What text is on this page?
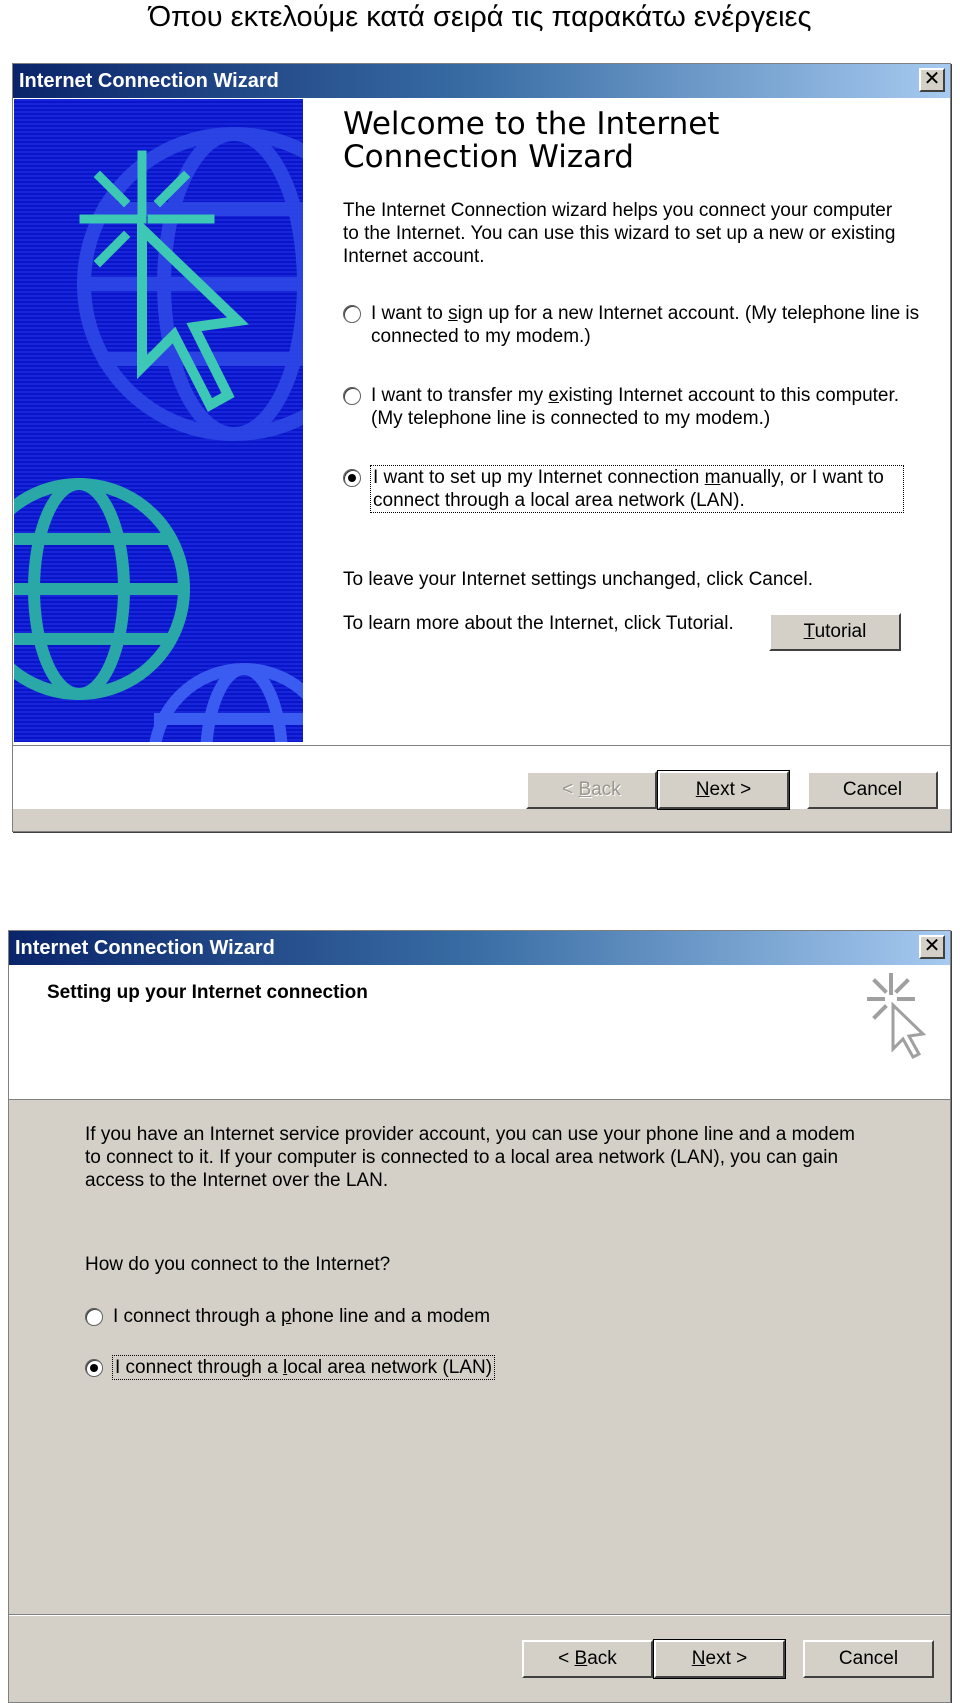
Όπου εκτελούμε κατά σειρά τις παρακάτω ενέργειες
Internet Connection Wizard	✕
Welcome to the Internet
Connection Wizard
The Internet Connection wizard helps you connect your computer to the Internet. You can use this wizard to set up a new or existing Internet account.
I want to sign up for a new Internet account. (My telephone line is connected to my modem.)
I want to transfer my existing Internet account to this computer. (My telephone line is connected to my modem.)
I want to set up my Internet connection manually, or I want to connect through a local area network (LAN).
To leave your Internet settings unchanged, click Cancel.
To learn more about the Internet, click Tutorial.	Tutorial
< Back	Next >	Cancel
Internet Connection Wizard	✕
Setting up your Internet connection
If you have an Internet service provider account, you can use your phone line and a modem to connect to it. If your computer is connected to a local area network (LAN), you can gain access to the Internet over the LAN.
How do you connect to the Internet?
I connect through a phone line and a modem
I connect through a local area network (LAN)
< Back	Next >	Cancel
